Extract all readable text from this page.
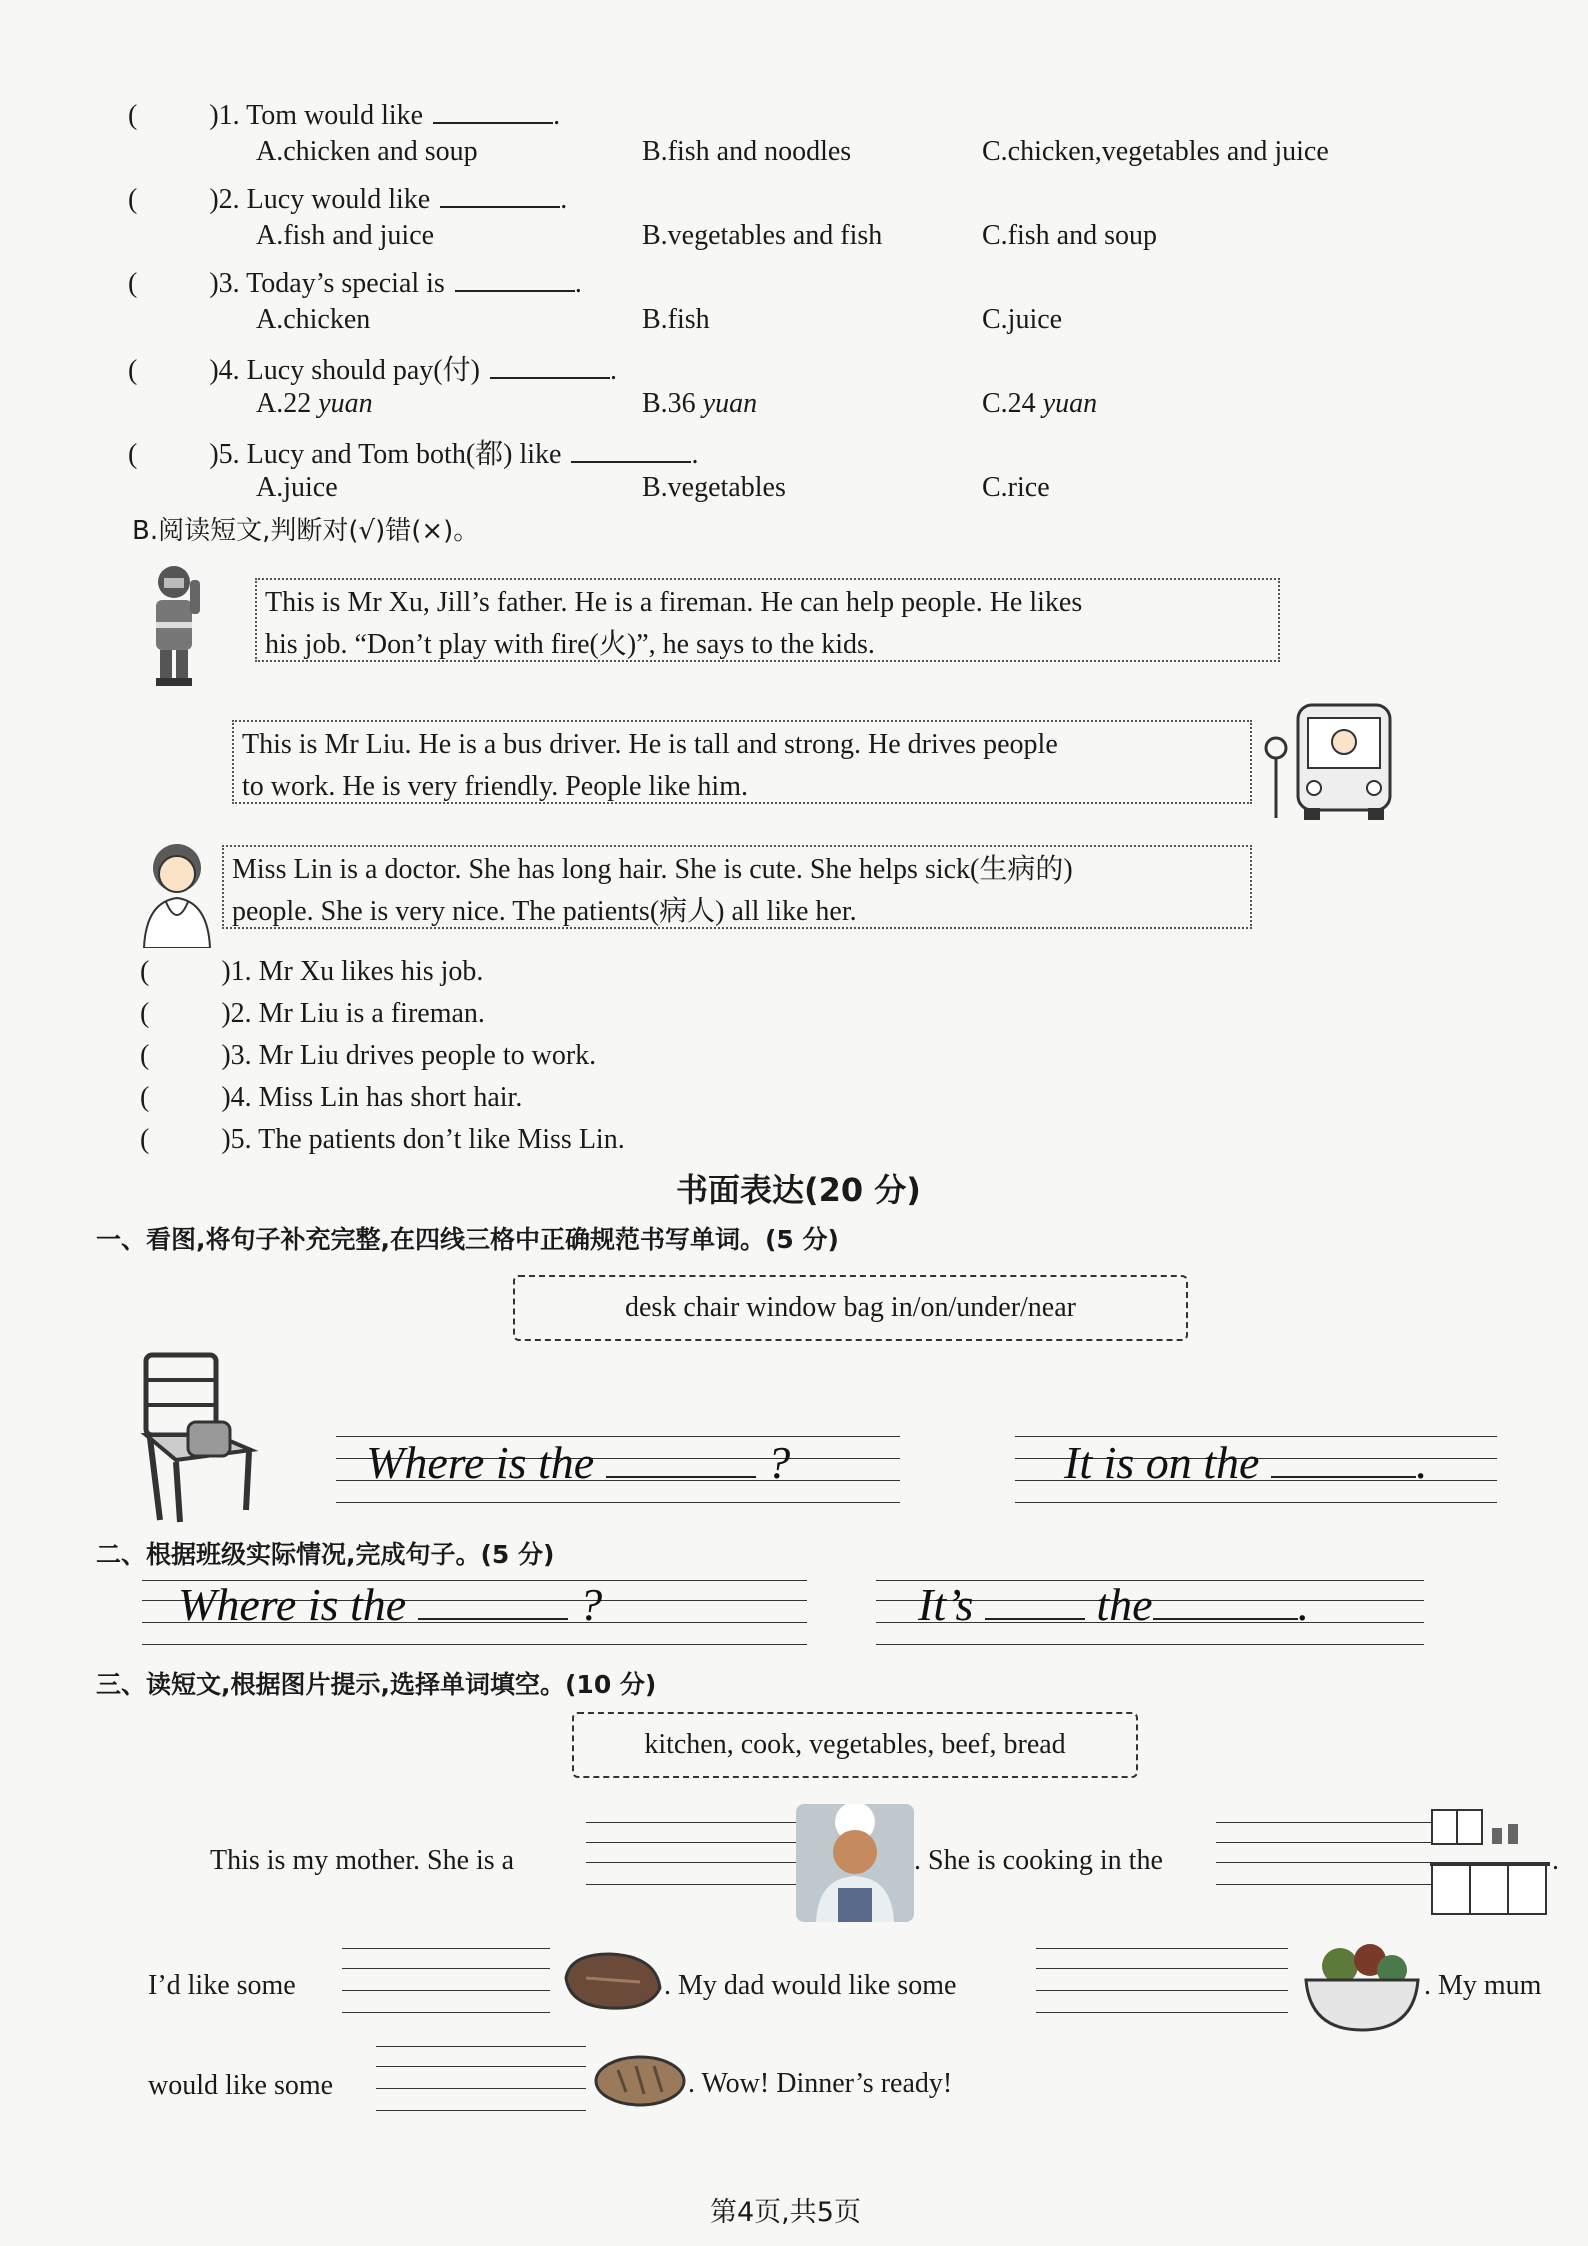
(	)1. Tom would like	.
A.chicken and soup	B.fish and noodles	C.chicken,vegetables and juice
(	)2. Lucy would like	.
A.fish and juice	B.vegetables and fish	C.fish and soup
(	)3. Today’s special is	.
A.chicken	B.fish	C.juice
(	)4. Lucy should pay(付)	.
A.22 yuan	B.36 yuan	C.24 yuan
(	)5. Lucy and Tom both(都) like	.
A.juice	B.vegetables	C.rice
B.阅读短文,判断对(√)错(×)。
This is Mr Xu, Jill’s father. He is a fireman. He can help people. He likes
his job. “Don’t play with fire(火)”, he says to the kids.
This is Mr Liu. He is a bus driver. He is tall and strong. He drives people
to work. He is very friendly. People like him.
Miss Lin is a doctor. She has long hair. She is cute. She helps sick(生病的)
people. She is very nice. The patients(病人) all like her.
(	)1. Mr Xu likes his job.
(	)2. Mr Liu is a fireman.
(	)3. Mr Liu drives people to work.
(	)4. Miss Lin has short hair.
(	)5. The patients don’t like Miss Lin.
书面表达(20 分)
一、看图,将句子补充完整,在四线三格中正确规范书写单词。(5 分)
desk chair window bag in/on/under/near
Where is the	?	It is on the	.
二、根据班级实际情况,完成句子。(5 分)
Where is the	?	It’s	the	.
三、读短文,根据图片提示,选择单词填空。(10 分)
kitchen, cook, vegetables, beef, bread
This is my mother. She is a	. She is cooking in the	.
I’d like some	. My dad would like some	. My mum
would like some	. Wow! Dinner’s ready!
第4页,共5页
